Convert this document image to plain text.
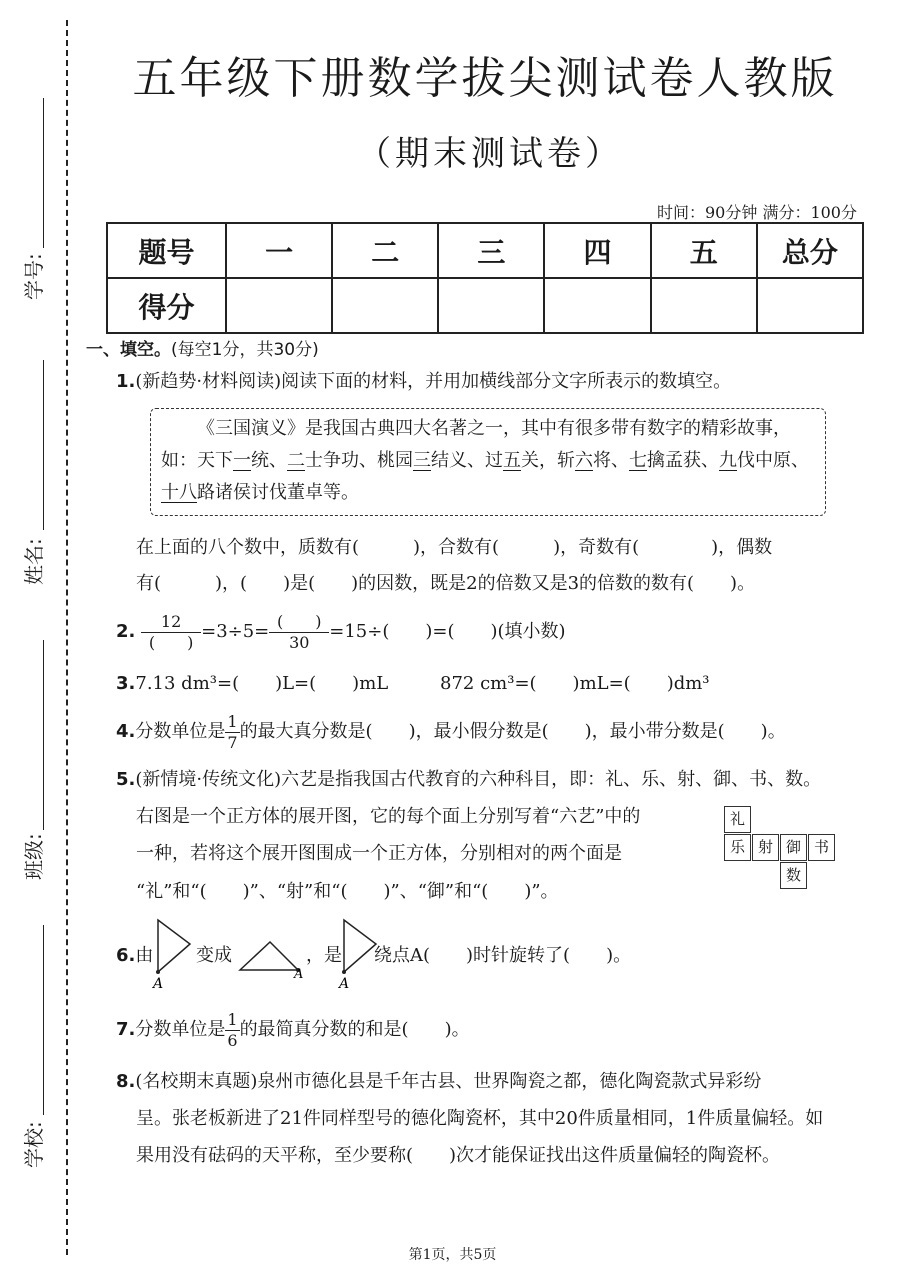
学号:
姓名:
班级:
学校:
五年级下册数学拔尖测试卷人教版
（期末测试卷）
时间：90分钟 满分：100分
题号	一	二	三	四	五	总分
得分						
一、填空。(每空1分，共30分)
1.(新趋势·材料阅读)阅读下面的材料，并用加横线部分文字所表示的数填空。

《三国演义》是我国古典四大名著之一，其中有很多带有数字的精彩故事，

如：天下一统、二士争功、桃园三结义、过五关，斩六将、七擒孟获、九伐中原、

十八路诸侯讨伐董卓等。

在上面的八个数中，质数有(　　　)，合数有(　　　)，奇数有(　　　　)，偶数
有(　　　)，(　　)是(　　)的因数，既是2的倍数又是3的倍数的数有(　　)。
2. $\frac{12}{( )} =3\div 5= \frac{( )}{30} =15\div$(　　)=(　　)(填小数)
3.7.13 dm³=(　　)L=(　　)mL	872 cm³=(　　)mL=(　　)dm³
4.分数单位是 $\frac{1}{7}$ 的最大真分数是(　　)，最小假分数是(　　)，最小带分数是(　　)。
5.(新情境·传统文化)六艺是指我国古代教育的六种科目，即：礼、乐、射、御、书、数。
右图是一个正方体的展开图，它的每个面上分别写着“六艺”中的
一种，若将这个展开图围成一个正方体，分别相对的两个面是
“礼”和“(　　)”、“射”和“(　　)”、“御”和“(　　)”。
礼
乐 射 御 书
数
6.由
A
变成
A
，是
A
绕点A(　　)时针旋转了(　　)。
7.分数单位是 $\frac{1}{6}$ 的最简真分数的和是(　　)。
8.(名校期末真题)泉州市德化县是千年古县、世界陶瓷之都，德化陶瓷款式异彩纷
呈。张老板新进了21件同样型号的德化陶瓷杯，其中20件质量相同，1件质量偏轻。如
果用没有砝码的天平称，至少要称(　　)次才能保证找出这件质量偏轻的陶瓷杯。
第1页，共5页
